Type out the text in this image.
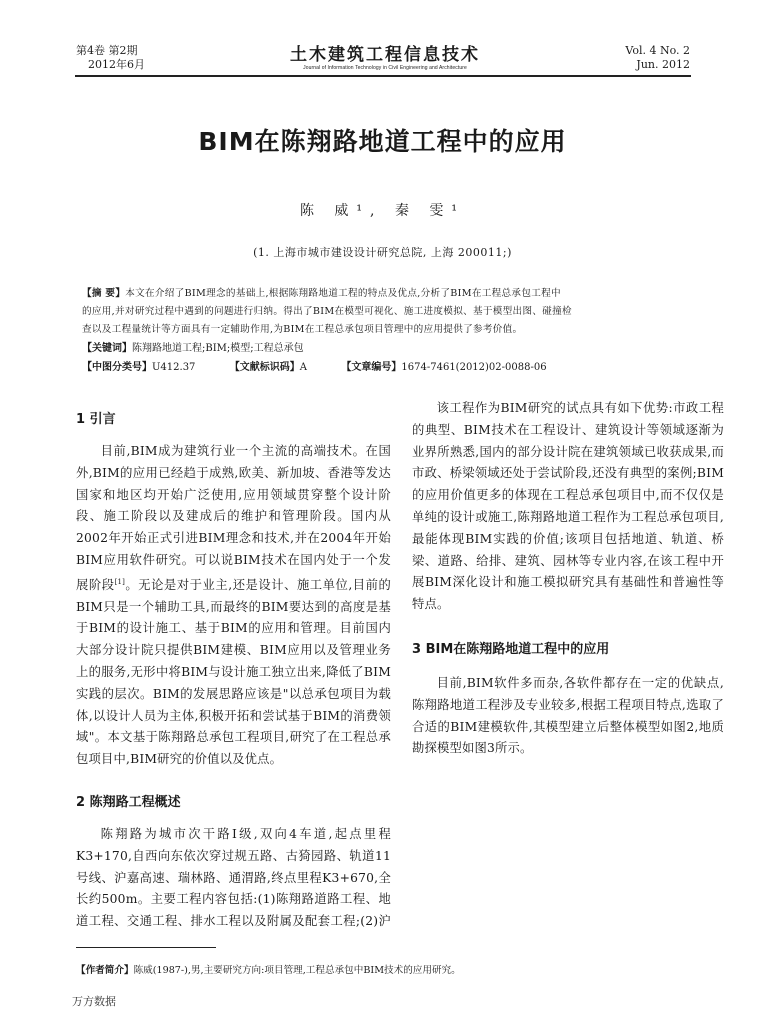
第4卷 第2期
2012年6月	土木建筑工程信息技术
Journal of Information Technology in Civil Engineering and Architecture
Vol. 4 No. 2
Jun. 2012
BIM在陈翔路地道工程中的应用
陈 威¹, 秦 雯¹
(1. 上海市城市建设设计研究总院, 上海 200011;)
【摘 要】本文在介绍了BIM理念的基础上,根据陈翔路地道工程的特点及优点,分析了BIM在工程总承包工程中
的应用,并对研究过程中遇到的问题进行归纳。得出了BIM在模型可视化、施工进度模拟、基于模型出图、碰撞检
查以及工程量统计等方面具有一定辅助作用,为BIM在工程总承包项目管理中的应用提供了参考价值。
【关键词】陈翔路地道工程;BIM;模型;工程总承包
【中图分类号】U412.37	【文献标识码】A	【文章编号】1674-7461(2012)02-0088-06
1 引言

目前,BIM成为建筑行业一个主流的高端技术。在国外,BIM的应用已经趋于成熟,欧美、新加坡、香港等发达国家和地区均开始广泛使用,应用领域贯穿整个设计阶段、施工阶段以及建成后的维护和管理阶段。国内从2002年开始正式引进BIM理念和技术,并在2004年开始BIM应用软件研究。可以说BIM技术在国内处于一个发展阶段[1]。无论是对于业主,还是设计、施工单位,目前的BIM只是一个辅助工具,而最终的BIM要达到的高度是基于BIM的设计施工、基于BIM的应用和管理。目前国内大部分设计院只提供BIM建模、BIM应用以及管理业务上的服务,无形中将BIM与设计施工独立出来,降低了BIM实践的层次。BIM的发展思路应该是"以总承包项目为载体,以设计人员为主体,积极开拓和尝试基于BIM的消费领域"。本文基于陈翔路总承包工程项目,研究了在工程总承包项目中,BIM研究的价值以及优点。

2 陈翔路工程概述

陈翔路为城市次干路Ⅰ级,双向4车道,起点里程K3+170,自西向东依次穿过规五路、古猗园路、轨道11号线、沪嘉高速、瑞林路、通渭路,终点里程K3+670,全长约500m。主要工程内容包括:(1)陈翔路道路工程、地道工程、交通工程、排水工程以及附属及配套工程;(2)沪

该工程作为BIM研究的试点具有如下优势:市政工程的典型、BIM技术在工程设计、建筑设计等领域逐渐为业界所熟悉,国内的部分设计院在建筑领域已收获成果,而市政、桥梁领域还处于尝试阶段,还没有典型的案例;BIM的应用价值更多的体现在工程总承包项目中,而不仅仅是单纯的设计或施工,陈翔路地道工程作为工程总承包项目,最能体现BIM实践的价值;该项目包括地道、轨道、桥梁、道路、给排、建筑、园林等专业内容,在该工程中开展BIM深化设计和施工模拟研究具有基础性和普遍性等特点。

3 BIM在陈翔路地道工程中的应用

目前,BIM软件多而杂,各软件都存在一定的优缺点,陈翔路地道工程涉及专业较多,根据工程项目特点,选取了合适的BIM建模软件,其模型建立后整体模型如图2,地质勘探模型如图3所示。

【作者简介】陈威(1987-),男,主要研究方向:项目管理,工程总承包中BIM技术的应用研究。
万方数据
